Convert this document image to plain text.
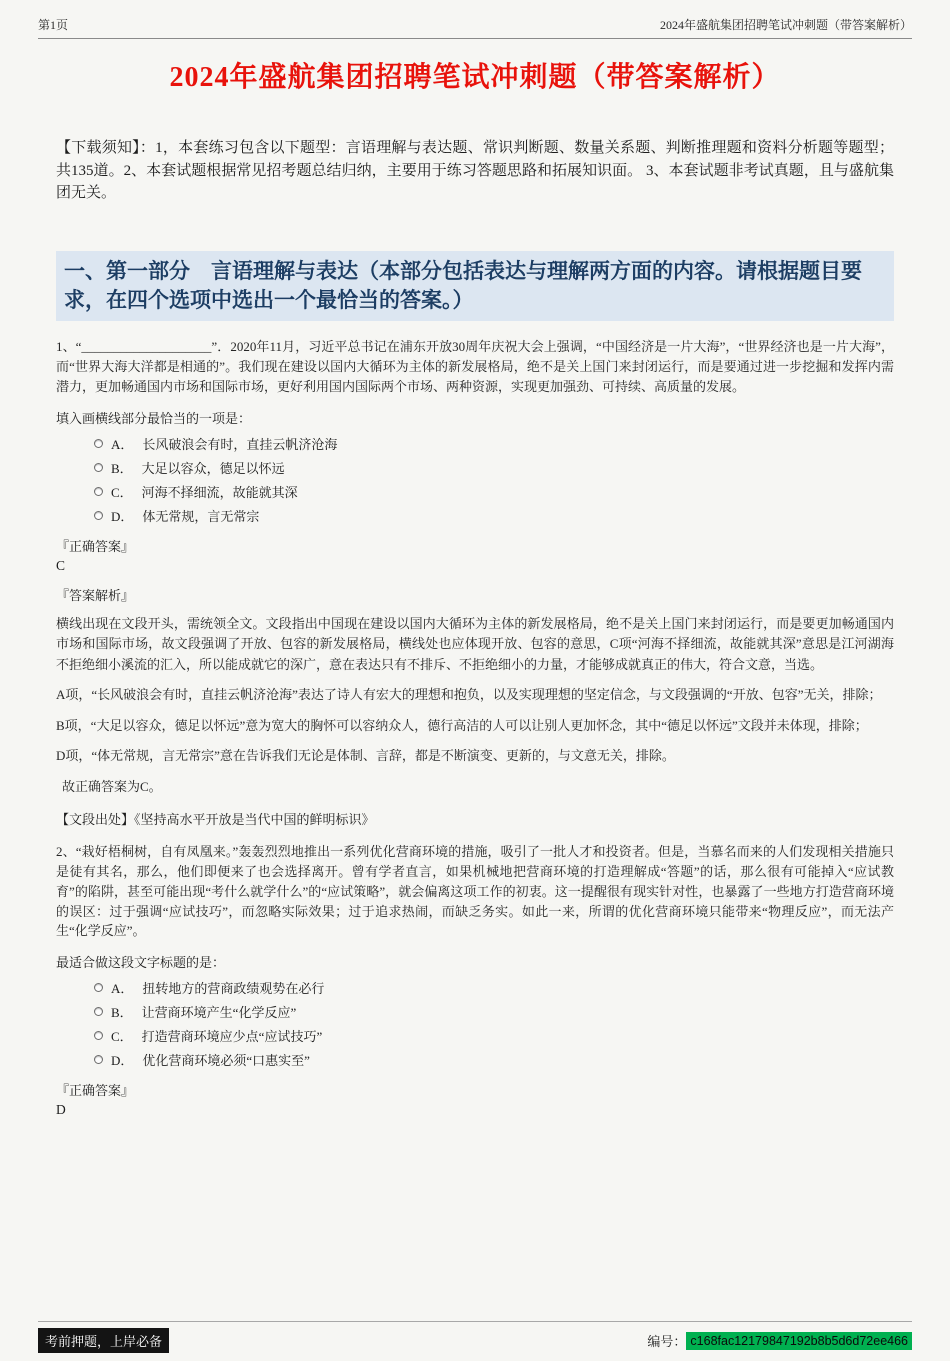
第1页	2024年盛航集团招聘笔试冲刺题（带答案解析）
2024年盛航集团招聘笔试冲刺题（带答案解析）

【下载须知】：1，本套练习包含以下题型：言语理解与表达题、常识判断题、数量关系题、判断推理题和资料分析题等题型；共135道。2、本套试题根据常见招考题总结归纳，主要用于练习答题思路和拓展知识面。 3、本套试题非考试真题，且与盛航集团无关。

一、第一部分　言语理解与表达（本部分包括表达与理解两方面的内容。请根据题目要求，在四个选项中选出一个最恰当的答案。）

1、“____________________”．2020年11月，习近平总书记在浦东开放30周年庆祝大会上强调，“中国经济是一片大海”，“世界经济也是一片大海”，而“世界大海大洋都是相通的”。我们现在建设以国内大循环为主体的新发展格局，绝不是关上国门来封闭运行，而是要通过进一步挖掘和发挥内需潜力，更加畅通国内市场和国际市场，更好利用国内国际两个市场、两种资源，实现更加强劲、可持续、高质量的发展。

填入画横线部分最恰当的一项是：

A． 长风破浪会有时，直挂云帆济沧海
B． 大足以容众，德足以怀远
C． 河海不择细流，故能就其深
D． 体无常规，言无常宗

『正确答案』

C

『答案解析』

横线出现在文段开头，需统领全文。文段指出中国现在建设以国内大循环为主体的新发展格局，绝不是关上国门来封闭运行，而是要更加畅通国内市场和国际市场，故文段强调了开放、包容的新发展格局，横线处也应体现开放、包容的意思，C项“河海不择细流，故能就其深”意思是江河湖海不拒绝细小溪流的汇入，所以能成就它的深广，意在表达只有不排斥、不拒绝细小的力量，才能够成就真正的伟大，符合文意，当选。

A项，“长风破浪会有时，直挂云帆济沧海”表达了诗人有宏大的理想和抱负，以及实现理想的坚定信念，与文段强调的“开放、包容”无关，排除；

B项，“大足以容众，德足以怀远”意为宽大的胸怀可以容纳众人，德行高洁的人可以让别人更加怀念，其中“德足以怀远”文段并未体现，排除；

D项，“体无常规，言无常宗”意在告诉我们无论是体制、言辞，都是不断演变、更新的，与文意无关，排除。

故正确答案为C。

【文段出处】《坚持高水平开放是当代中国的鲜明标识》

2、“栽好梧桐树，自有凤凰来。”轰轰烈烈地推出一系列优化营商环境的措施，吸引了一批人才和投资者。但是，当慕名而来的人们发现相关措施只是徒有其名，那么，他们即便来了也会选择离开。曾有学者直言，如果机械地把营商环境的打造理解成“答题”的话，那么很有可能掉入“应试教育”的陷阱，甚至可能出现“考什么就学什么”的“应试策略”，就会偏离这项工作的初衷。这一提醒很有现实针对性，也暴露了一些地方打造营商环境的误区：过于强调“应试技巧”，而忽略实际效果；过于追求热闹，而缺乏务实。如此一来，所谓的优化营商环境只能带来“物理反应”，而无法产生“化学反应”。

最适合做这段文字标题的是：

A． 扭转地方的营商政绩观势在必行
B． 让营商环境产生“化学反应”
C． 打造营商环境应少点“应试技巧”
D． 优化营商环境必须“口惠实至”

『正确答案』

D

考前押题，上岸必备	编号： c168fac12179847192b8b5d6d72ee466
